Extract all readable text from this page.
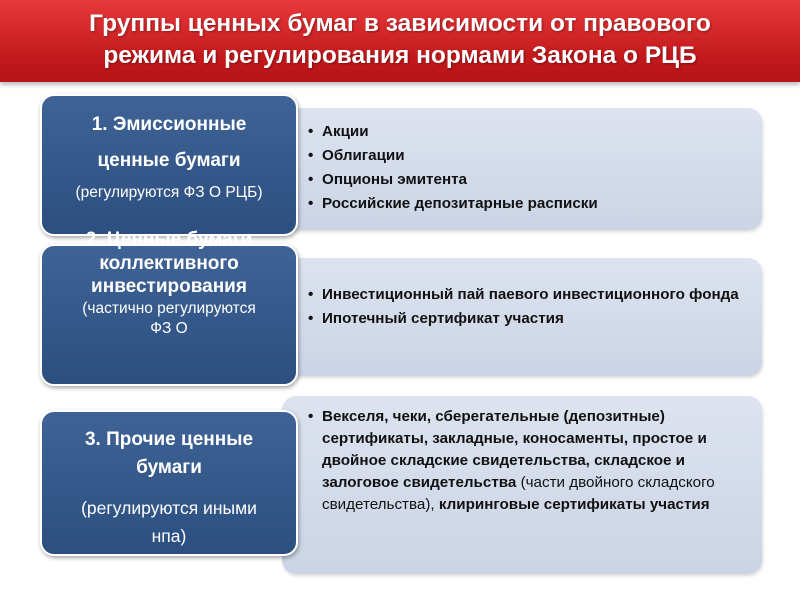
Группы ценных бумаг в зависимости от правового
режима и регулирования нормами Закона о РЦБ
• Акции
• Облигации
• Опционы эмитента
• Российские депозитарные расписки
1. Эмиссионные
ценные бумаги
(регулируются ФЗ О РЦБ)
• Инвестиционный пай паевого инвестиционного фонда
• Ипотечный сертификат участия
2. Ценные бумаги коллективного инвестирования
(частично регулируются ФЗ О
• Векселя, чеки, сберегательные (депозитные) сертификаты, закладные, коносаменты, простое и двойное складские свидетельства, складское и залоговое свидетельства (части двойного складского свидетельства), клиринговые сертификаты участия
3. Прочие ценные бумаги
(регулируются иными нпа)
